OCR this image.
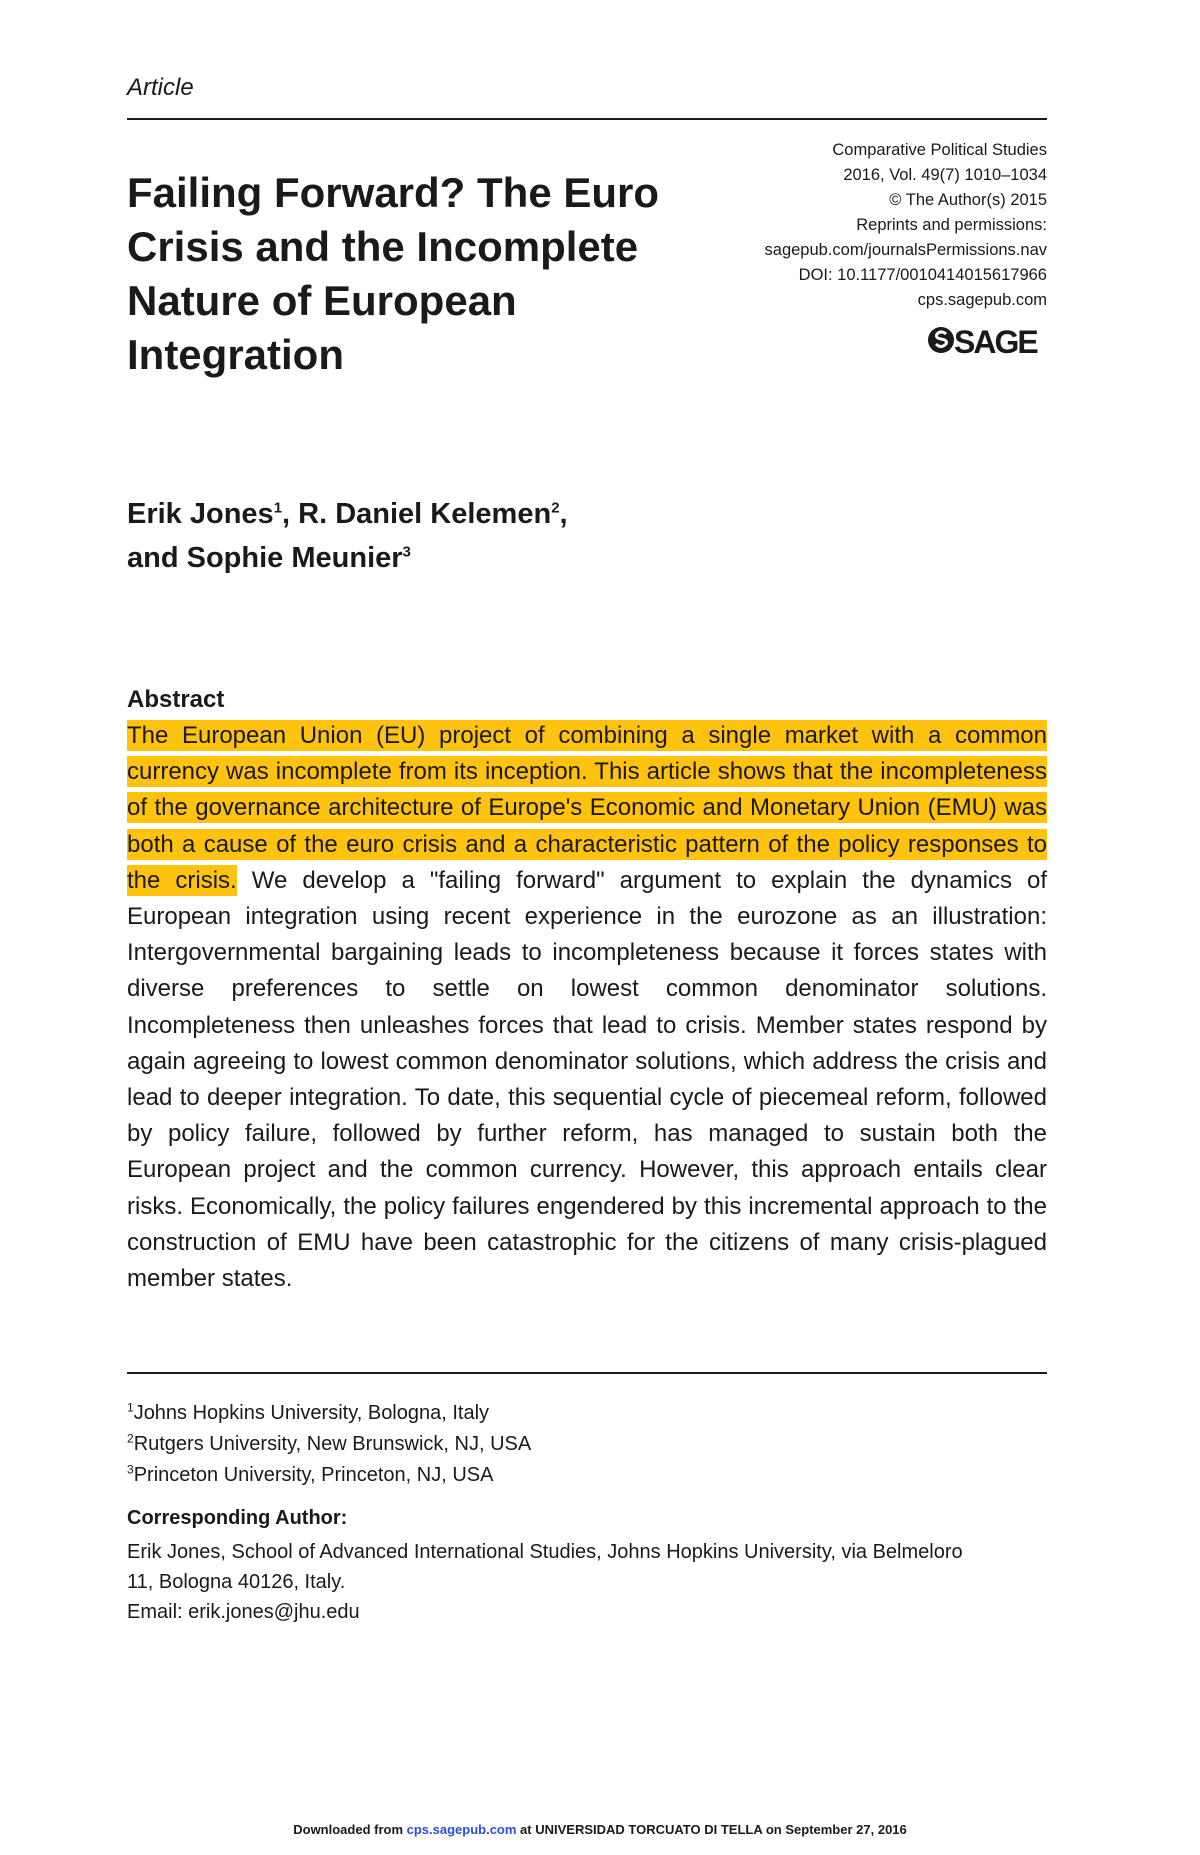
Article
Failing Forward? The Euro Crisis and the Incomplete Nature of European Integration
Comparative Political Studies
2016, Vol. 49(7) 1010–1034
© The Author(s) 2015
Reprints and permissions:
sagepub.com/journalsPermissions.nav
DOI: 10.1177/0010414015617966
cps.sagepub.com
SAGE
Erik Jones$^1$, R. Daniel Kelemen$^2$,
and Sophie Meunier$^3$
Abstract
The European Union (EU) project of combining a single market with a common currency was incomplete from its inception. This article shows that the incompleteness of the governance architecture of Europe's Economic and Monetary Union (EMU) was both a cause of the euro crisis and a characteristic pattern of the policy responses to the crisis. We develop a "failing forward" argument to explain the dynamics of European integration using recent experience in the eurozone as an illustration: Intergovernmental bargaining leads to incompleteness because it forces states with diverse preferences to settle on lowest common denominator solutions. Incompleteness then unleashes forces that lead to crisis. Member states respond by again agreeing to lowest common denominator solutions, which address the crisis and lead to deeper integration. To date, this sequential cycle of piecemeal reform, followed by policy failure, followed by further reform, has managed to sustain both the European project and the common currency. However, this approach entails clear risks. Economically, the policy failures engendered by this incremental approach to the construction of EMU have been catastrophic for the citizens of many crisis-plagued member states.
$^1$Johns Hopkins University, Bologna, Italy
$^2$Rutgers University, New Brunswick, NJ, USA
$^3$Princeton University, Princeton, NJ, USA
Corresponding Author:
Erik Jones, School of Advanced International Studies, Johns Hopkins University, via Belmeloro
11, Bologna 40126, Italy.
Email: erik.jones@jhu.edu
Downloaded from cps.sagepub.com at UNIVERSIDAD TORCUATO DI TELLA on September 27, 2016
